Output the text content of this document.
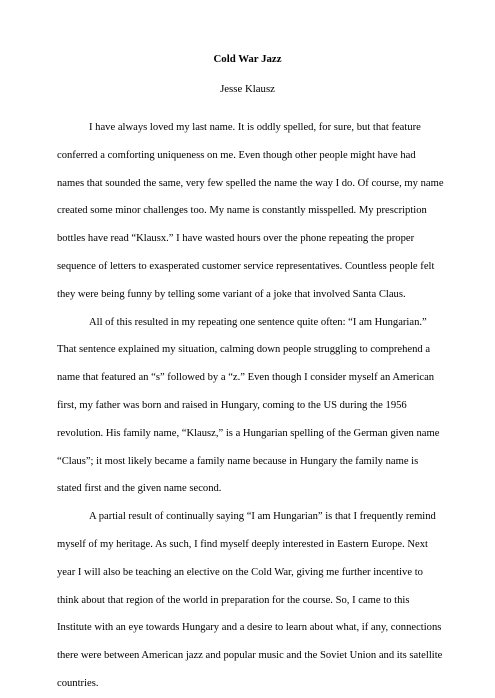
Cold War Jazz
Jesse Klausz

I have always loved my last name. It is oddly spelled, for sure, but that feature conferred a comforting uniqueness on me. Even though other people might have had names that sounded the same, very few spelled the name the way I do. Of course, my name created some minor challenges too. My name is constantly misspelled. My prescription bottles have read “Klausx.” I have wasted hours over the phone repeating the proper sequence of letters to exasperated customer service representatives. Countless people felt they were being funny by telling some variant of a joke that involved Santa Claus.

All of this resulted in my repeating one sentence quite often: “I am Hungarian.” That sentence explained my situation, calming down people struggling to comprehend a name that featured an “s” followed by a “z.” Even though I consider myself an American first, my father was born and raised in Hungary, coming to the US during the 1956 revolution. His family name, “Klausz,” is a Hungarian spelling of the German given name “Claus”; it most likely became a family name because in Hungary the family name is stated first and the given name second.

A partial result of continually saying “I am Hungarian” is that I frequently remind myself of my heritage. As such, I find myself deeply interested in Eastern Europe. Next year I will also be teaching an elective on the Cold War, giving me further incentive to think about that region of the world in preparation for the course. So, I came to this Institute with an eye towards Hungary and a desire to learn about what, if any, connections there were between American jazz and popular music and the Soviet Union and its satellite countries.
